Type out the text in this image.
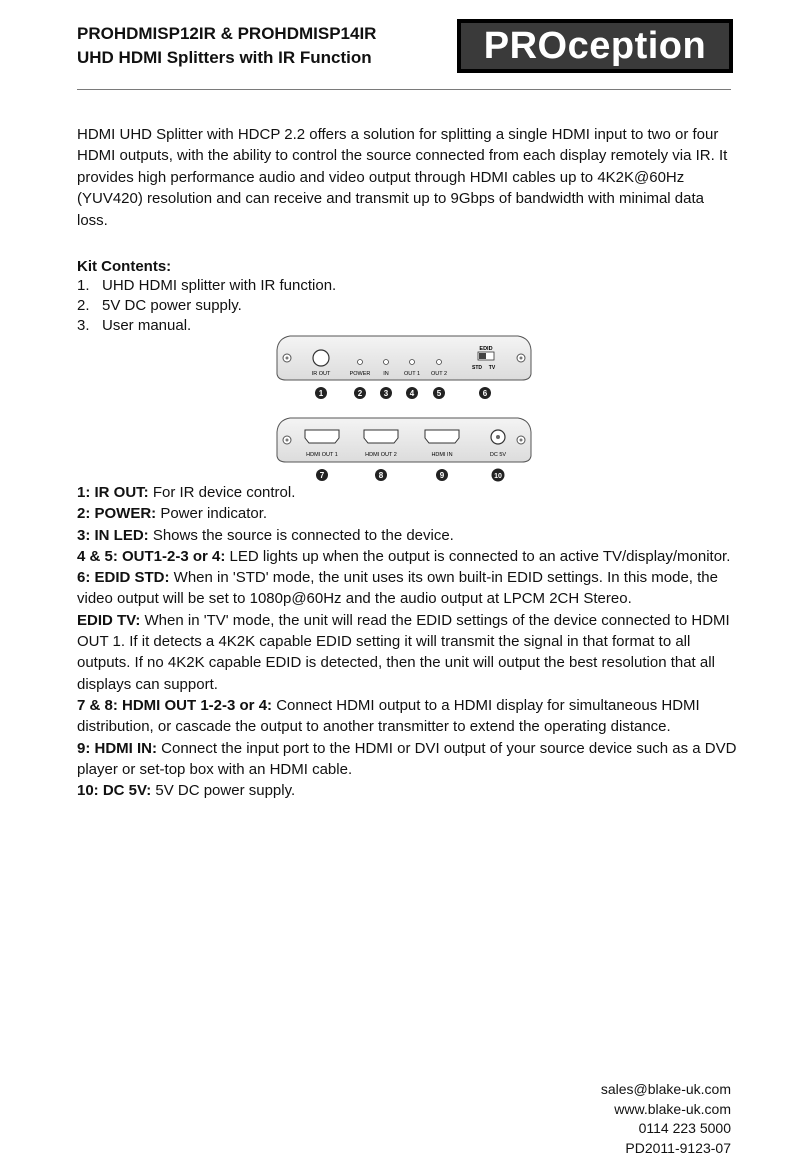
PROHDMISP12IR & PROHDMISP14IR
UHD HDMI Splitters with IR Function	PROception

HDMI UHD Splitter with HDCP 2.2 offers a solution for splitting a single HDMI input to two or four HDMI outputs, with the ability to control the source connected from each display remotely via IR. It provides high performance audio and video output through HDMI cables up to 4K2K@60Hz (YUV420) resolution and can receive and transmit up to 9Gbps of bandwidth with minimal data loss.

Kit Contents:

1. UHD HDMI splitter with IR function.
2. 5V DC power supply.
3. User manual.
EDID
STD TV
IR OUT	POWER IN	OUT 1 OUT 2
1	2	3	4	5	6
HDMI OUT 1	HDMI OUT 2	HDMI IN	DC 5V
7	8	9	10

1: IR OUT: For IR device control.

2: POWER: Power indicator.

3: IN LED: Shows the source is connected to the device.

4 & 5: OUT1-2-3 or 4: LED lights up when the output is connected to an active TV/display/monitor.

6: EDID STD: When in 'STD' mode, the unit uses its own built-in EDID settings. In this mode, the video output will be set to 1080p@60Hz and the audio output at LPCM 2CH Stereo.

EDID TV: When in 'TV' mode, the unit will read the EDID settings of the device connected to HDMI OUT 1. If it detects a 4K2K capable EDID setting it will transmit the signal in that format to all outputs. If no 4K2K capable EDID is detected, then the unit will output the best resolution that all displays can support.

7 & 8: HDMI OUT 1-2-3 or 4: Connect HDMI output to a HDMI display for simultaneous HDMI distribution, or cascade the output to another transmitter to extend the operating distance.

9: HDMI IN: Connect the input port to the HDMI or DVI output of your source device such as a DVD player or set-top box with an HDMI cable.

10: DC 5V: 5V DC power supply.

sales@blake-uk.com
www.blake-uk.com
0114 223 5000
PD2011-9123-07
